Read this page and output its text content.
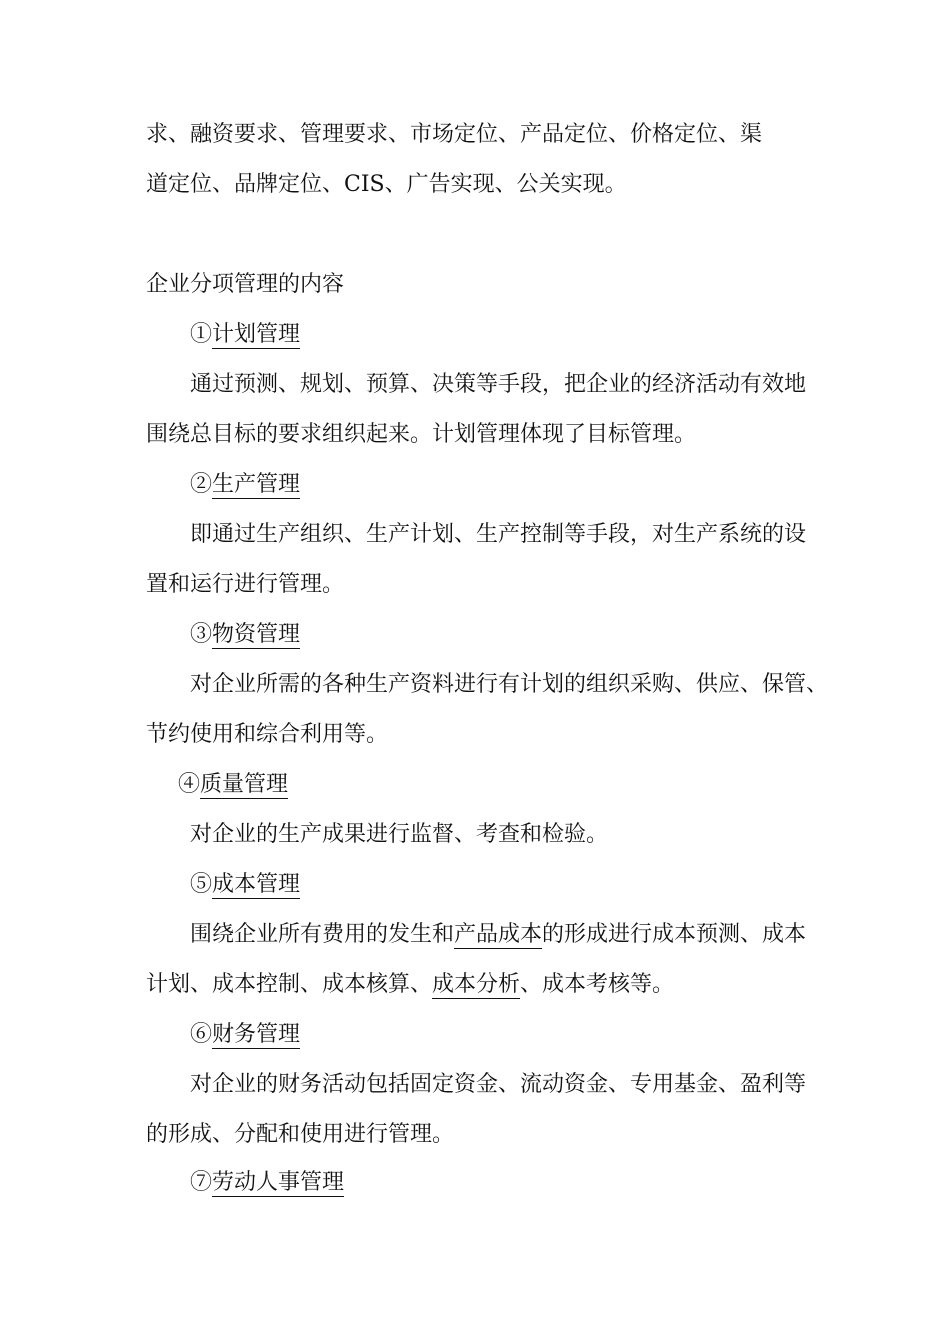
求、融资要求、管理要求、市场定位、产品定位、价格定位、渠
道定位、品牌定位、CIS、广告实现、公关实现。
企业分项管理的内容
①计划管理
通过预测、规划、预算、决策等手段，把企业的经济活动有效地
围绕总目标的要求组织起来。计划管理体现了目标管理。
②生产管理
即通过生产组织、生产计划、生产控制等手段，对生产系统的设
置和运行进行管理。
③物资管理
对企业所需的各种生产资料进行有计划的组织采购、供应、保管、
节约使用和综合利用等。
④质量管理
对企业的生产成果进行监督、考查和检验。
⑤成本管理
围绕企业所有费用的发生和产品成本的形成进行成本预测、成本
计划、成本控制、成本核算、成本分析、成本考核等。
⑥财务管理
对企业的财务活动包括固定资金、流动资金、专用基金、盈利等
的形成、分配和使用进行管理。
⑦劳动人事管理
